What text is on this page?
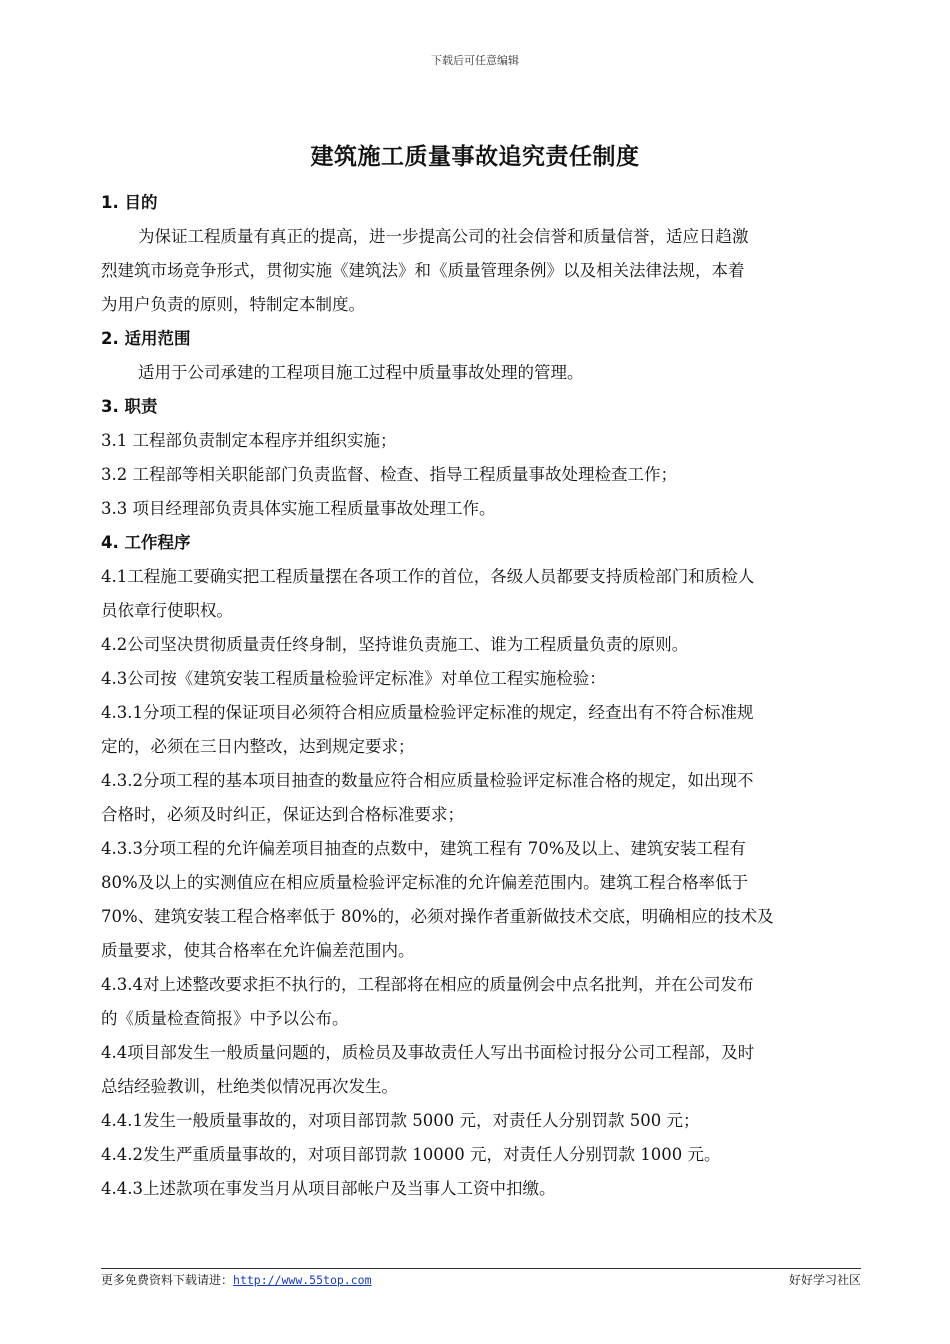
下载后可任意编辑
建筑施工质量事故追究责任制度
1. 目的
为保证工程质量有真正的提高，进一步提高公司的社会信誉和质量信誉，适应日趋激
烈建筑市场竞争形式，贯彻实施《建筑法》和《质量管理条例》以及相关法律法规，本着
为用户负责的原则，特制定本制度。
2. 适用范围
适用于公司承建的工程项目施工过程中质量事故处理的管理。
3. 职责
3.1 工程部负责制定本程序并组织实施；
3.2 工程部等相关职能部门负责监督、检查、指导工程质量事故处理检查工作；
3.3 项目经理部负责具体实施工程质量事故处理工作。
4. 工作程序
4.1工程施工要确实把工程质量摆在各项工作的首位，各级人员都要支持质检部门和质检人
员依章行使职权。
4.2公司坚决贯彻质量责任终身制，坚持谁负责施工、谁为工程质量负责的原则。
4.3公司按《建筑安装工程质量检验评定标准》对单位工程实施检验：
4.3.1分项工程的保证项目必须符合相应质量检验评定标准的规定，经查出有不符合标准规
定的，必须在三日内整改，达到规定要求；
4.3.2分项工程的基本项目抽查的数量应符合相应质量检验评定标准合格的规定，如出现不
合格时，必须及时纠正，保证达到合格标准要求；
4.3.3分项工程的允许偏差项目抽查的点数中，建筑工程有 70%及以上、建筑安装工程有
80%及以上的实测值应在相应质量检验评定标准的允许偏差范围内。建筑工程合格率低于
70%、建筑安装工程合格率低于 80%的，必须对操作者重新做技术交底，明确相应的技术及
质量要求，使其合格率在允许偏差范围内。
4.3.4对上述整改要求拒不执行的，工程部将在相应的质量例会中点名批判，并在公司发布
的《质量检查简报》中予以公布。
4.4项目部发生一般质量问题的，质检员及事故责任人写出书面检讨报分公司工程部，及时
总结经验教训，杜绝类似情况再次发生。
4.4.1发生一般质量事故的，对项目部罚款 5000 元，对责任人分别罚款 500 元；
4.4.2发生严重质量事故的，对项目部罚款 10000 元，对责任人分别罚款 1000 元。
4.4.3上述款项在事发当月从项目部帐户及当事人工资中扣缴。
更多免费资料下载请进：http://www.55top.com	好好学习社区
